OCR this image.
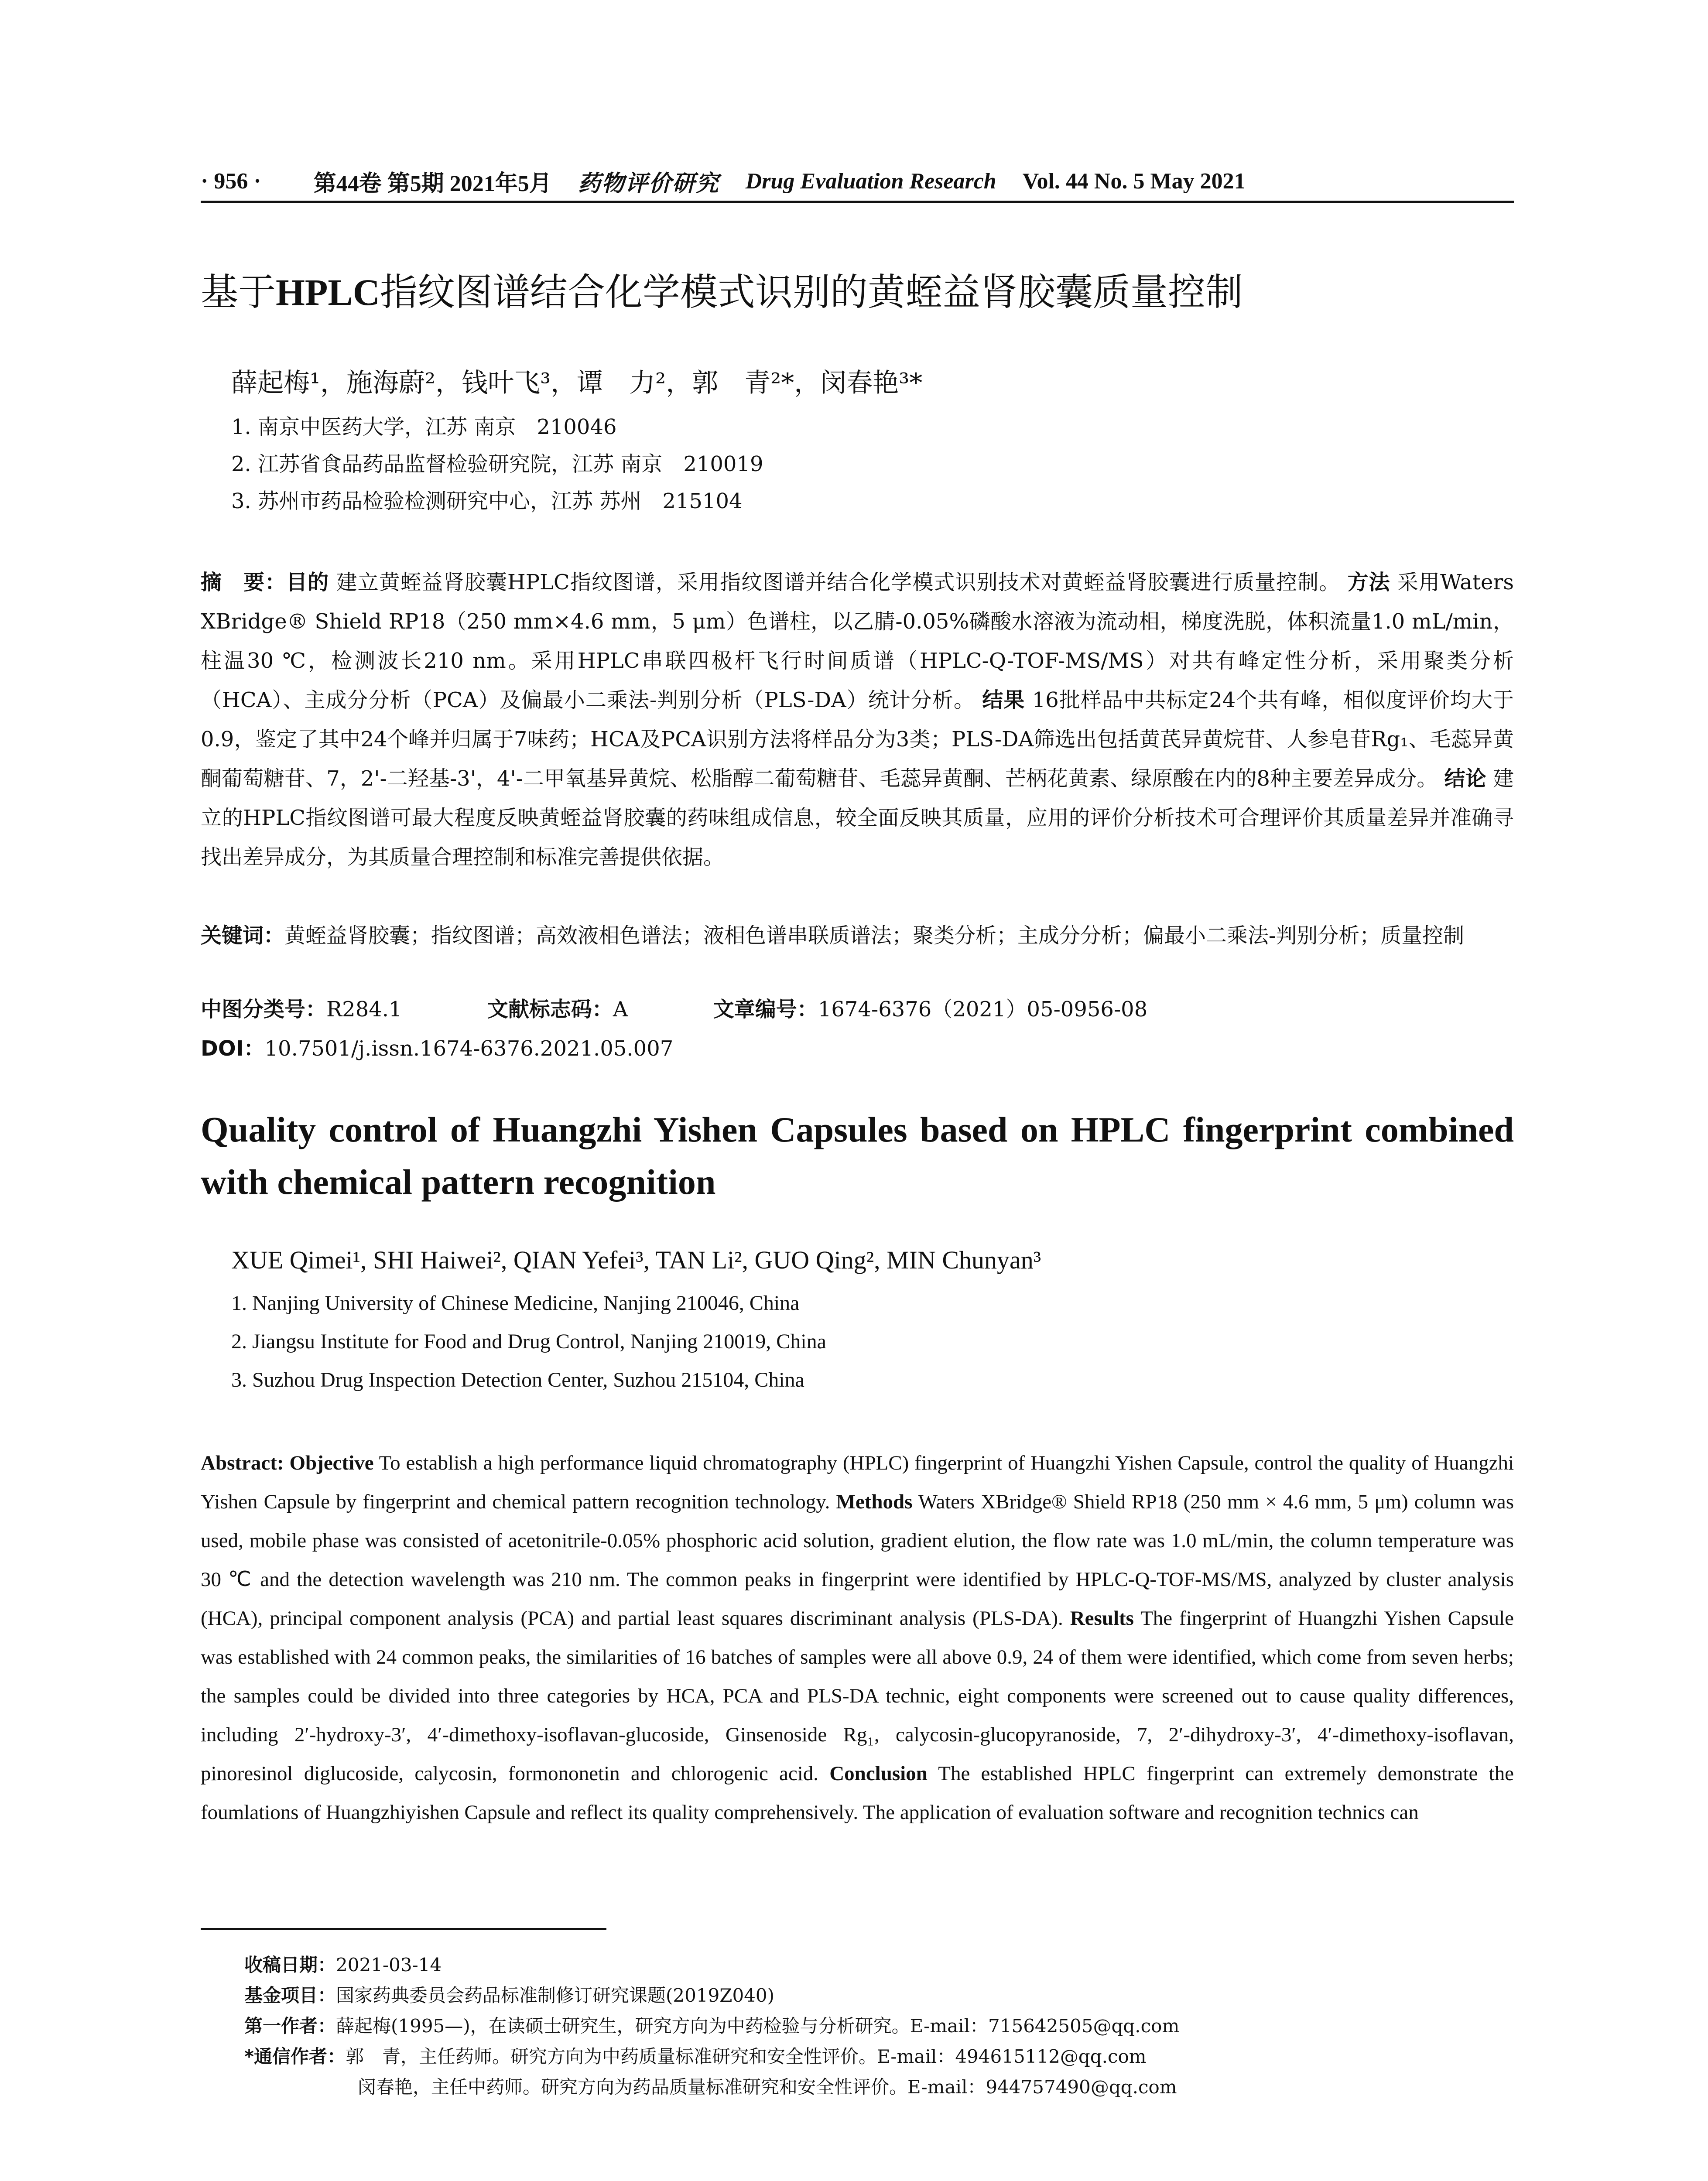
· 956 · 第44卷 第5期 2021年5月 药物评价研究 Drug Evaluation Research Vol. 44 No. 5 May 2021
基于HPLC指纹图谱结合化学模式识别的黄蛭益肾胶囊质量控制
薛起梅¹，施海蔚²，钱叶飞³，谭　力²，郭　青²*，闵春艳³*
1. 南京中医药大学，江苏 南京　210046
2. 江苏省食品药品监督检验研究院，江苏 南京　210019
3. 苏州市药品检验检测研究中心，江苏 苏州　215104

摘　要：目的 建立黄蛭益肾胶囊HPLC指纹图谱，采用指纹图谱并结合化学模式识别技术对黄蛭益肾胶囊进行质量控制。 方法 采用Waters XBridge® Shield RP18（250 mm×4.6 mm，5 μm）色谱柱，以乙腈-0.05%磷酸水溶液为流动相，梯度洗脱，体积流量1.0 mL/min，柱温30 ℃，检测波长210 nm。采用HPLC串联四极杆飞行时间质谱（HPLC-Q-TOF-MS/MS）对共有峰定性分析，采用聚类分析（HCA）、主成分分析（PCA）及偏最小二乘法-判别分析（PLS-DA）统计分析。 结果 16批样品中共标定24个共有峰，相似度评价均大于0.9，鉴定了其中24个峰并归属于7味药；HCA及PCA识别方法将样品分为3类；PLS-DA筛选出包括黄芪异黄烷苷、人参皂苷Rg₁、毛蕊异黄酮葡萄糖苷、7，2'-二羟基-3'，4'-二甲氧基异黄烷、松脂醇二葡萄糖苷、毛蕊异黄酮、芒柄花黄素、绿原酸在内的8种主要差异成分。 结论 建立的HPLC指纹图谱可最大程度反映黄蛭益肾胶囊的药味组成信息，较全面反映其质量，应用的评价分析技术可合理评价其质量差异并准确寻找出差异成分，为其质量合理控制和标准完善提供依据。

关键词：黄蛭益肾胶囊；指纹图谱；高效液相色谱法；液相色谱串联质谱法；聚类分析；主成分分析；偏最小二乘法-判别分析；质量控制
中图分类号：R284.1	文献标志码：A	文章编号：1674-6376（2021）05-0956-08
DOI：10.7501/j.issn.1674-6376.2021.05.007
Quality control of Huangzhi Yishen Capsules based on HPLC fingerprint combined with chemical pattern recognition
XUE Qimei¹, SHI Haiwei², QIAN Yefei³, TAN Li², GUO Qing², MIN Chunyan³
1. Nanjing University of Chinese Medicine, Nanjing 210046, China
2. Jiangsu Institute for Food and Drug Control, Nanjing 210019, China
3. Suzhou Drug Inspection Detection Center, Suzhou 215104, China
Abstract: Objective To establish a high performance liquid chromatography (HPLC) fingerprint of Huangzhi Yishen Capsule, control the quality of Huangzhi Yishen Capsule by fingerprint and chemical pattern recognition technology. Methods Waters XBridge® Shield RP18 (250 mm × 4.6 mm, 5 μm) column was used, mobile phase was consisted of acetonitrile-0.05% phosphoric acid solution, gradient elution, the flow rate was 1.0 mL/min, the column temperature was 30 ℃ and the detection wavelength was 210 nm. The common peaks in fingerprint were identified by HPLC-Q-TOF-MS/MS, analyzed by cluster analysis (HCA), principal component analysis (PCA) and partial least squares discriminant analysis (PLS-DA). Results The fingerprint of Huangzhi Yishen Capsule was established with 24 common peaks, the similarities of 16 batches of samples were all above 0.9, 24 of them were identified, which come from seven herbs; the samples could be divided into three categories by HCA, PCA and PLS-DA technic, eight components were screened out to cause quality differences, including 2′-hydroxy-3′, 4′-dimethoxy-isoflavan-glucoside, Ginsenoside Rg₁, calycosin-glucopyranoside, 7, 2′-dihydroxy-3′, 4′-dimethoxy-isoflavan, pinoresinol diglucoside, calycosin, formononetin and chlorogenic acid. Conclusion The established HPLC fingerprint can extremely demonstrate the foumlations of Huangzhiyishen Capsule and reflect its quality comprehensively. The application of evaluation software and recognition technics can
收稿日期：2021-03-14
基金项目：国家药典委员会药品标准制修订研究课题(2019Z040)
第一作者：薛起梅(1995—)，在读硕士研究生，研究方向为中药检验与分析研究。E-mail：715642505@qq.com
*通信作者：郭　青，主任药师。研究方向为中药质量标准研究和安全性评价。E-mail：494615112@qq.com
闵春艳，主任中药师。研究方向为药品质量标准研究和安全性评价。E-mail：944757490@qq.com
